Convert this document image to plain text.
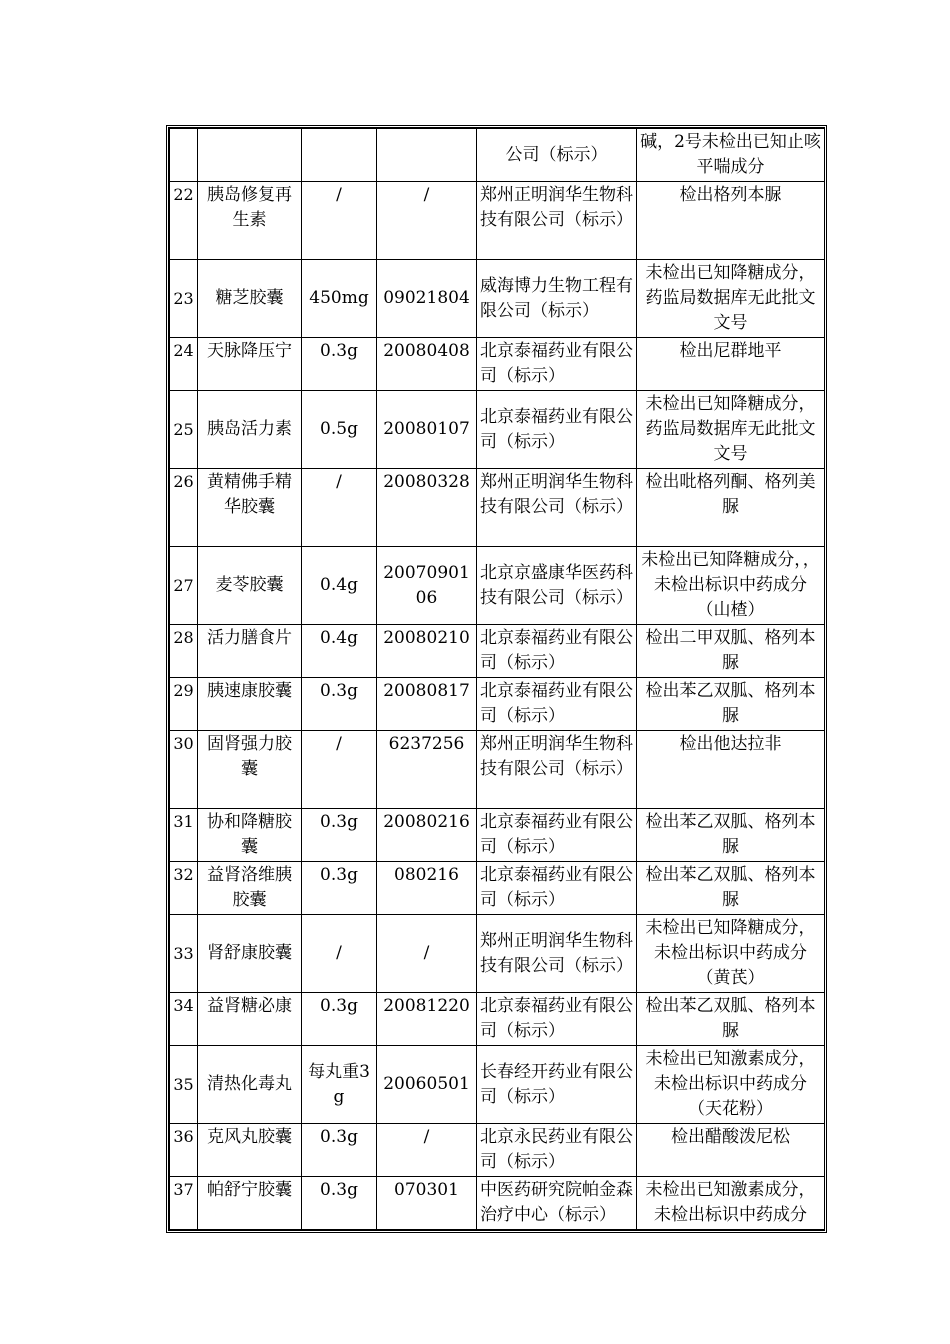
				公司（标示）	碱，2号未检出已知止咳平喘成分
22	胰岛修复再生素	/	/	郑州正明润华生物科技有限公司（标示）	检出格列本脲
23	糖芝胶囊	450mg	09021804	威海博力生物工程有限公司（标示）	未检出已知降糖成分，药监局数据库无此批文文号
24	天脉降压宁	0.3g	20080408	北京泰福药业有限公司（标示）	检出尼群地平
25	胰岛活力素	0.5g	20080107	北京泰福药业有限公司（标示）	未检出已知降糖成分，药监局数据库无此批文文号
26	黄精佛手精华胶囊	/	20080328	郑州正明润华生物科技有限公司（标示）	检出吡格列酮、格列美脲
27	麦苓胶囊	0.4g	2007090106	北京京盛康华医药科技有限公司（标示）	未检出已知降糖成分，，未检出标识中药成分（山楂）
28	活力膳食片	0.4g	20080210	北京泰福药业有限公司（标示）	检出二甲双胍、格列本脲
29	胰速康胶囊	0.3g	20080817	北京泰福药业有限公司（标示）	检出苯乙双胍、格列本脲
30	固肾强力胶囊	/	6237256	郑州正明润华生物科技有限公司（标示）	检出他达拉非
31	协和降糖胶囊	0.3g	20080216	北京泰福药业有限公司（标示）	检出苯乙双胍、格列本脲
32	益肾洛维胰胶囊	0.3g	080216	北京泰福药业有限公司（标示）	检出苯乙双胍、格列本脲
33	肾舒康胶囊	/	/	郑州正明润华生物科技有限公司（标示）	未检出已知降糖成分，未检出标识中药成分（黄芪）
34	益肾糖必康	0.3g	20081220	北京泰福药业有限公司（标示）	检出苯乙双胍、格列本脲
35	清热化毒丸	每丸重3g	20060501	长春经开药业有限公司（标示）	未检出已知激素成分，未检出标识中药成分（天花粉）
36	克风丸胶囊	0.3g	/	北京永民药业有限公司（标示）	检出醋酸泼尼松
37	帕舒宁胶囊	0.3g	070301	中医药研究院帕金森治疗中心（标示）	未检出已知激素成分，未检出标识中药成分
